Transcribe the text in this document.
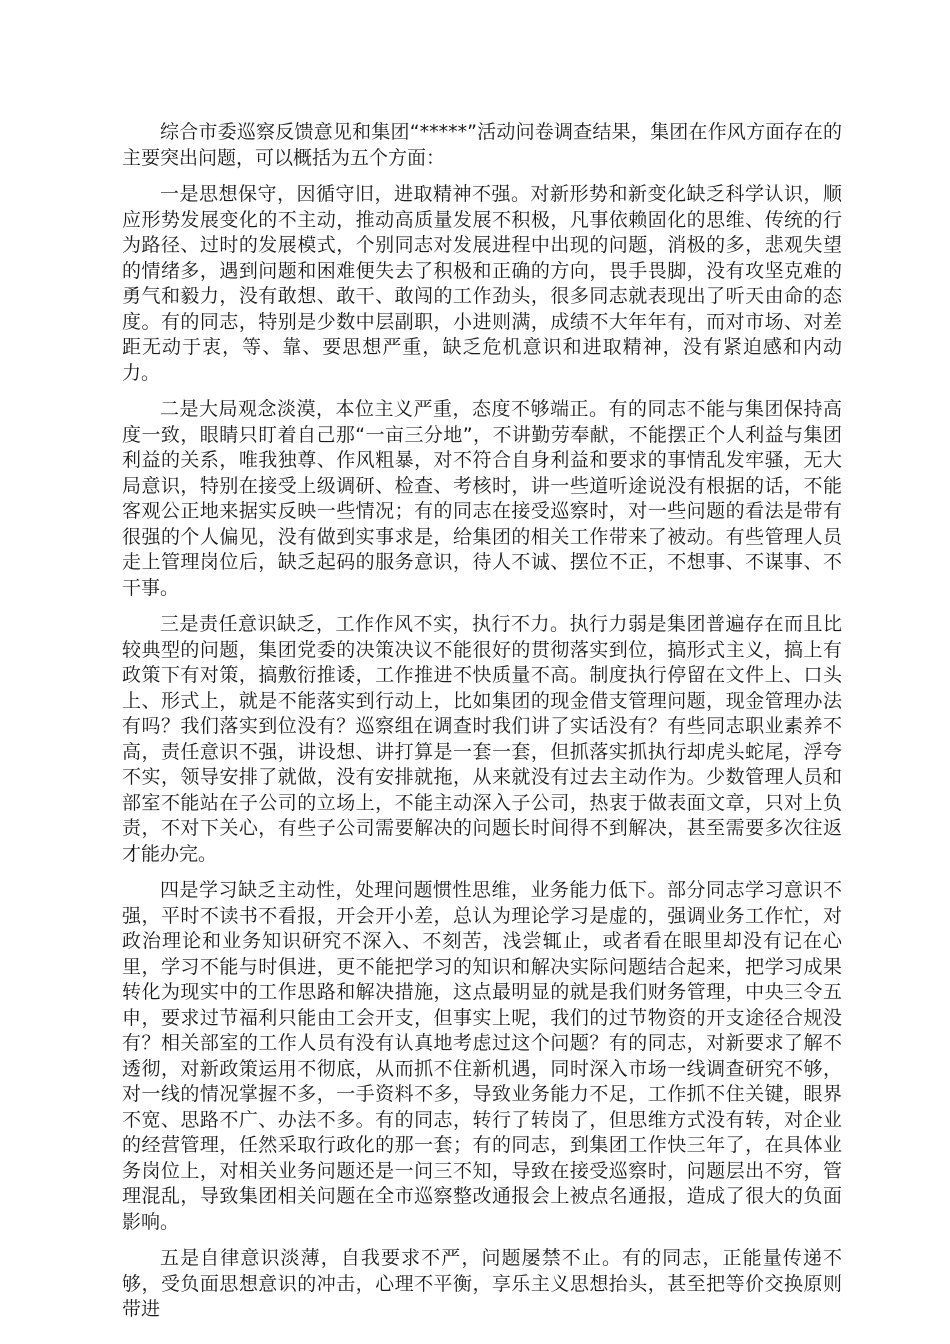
综合市委巡察反馈意见和集团“*****”活动问卷调查结果，集团在作风方面存在的主要突出问题，可以概括为五个方面：

一是思想保守，因循守旧，进取精神不强。对新形势和新变化缺乏科学认识，顺应形势发展变化的不主动，推动高质量发展不积极，凡事依赖固化的思维、传统的行为路径、过时的发展模式，个别同志对发展进程中出现的问题，消极的多，悲观失望的情绪多，遇到问题和困难便失去了积极和正确的方向，畏手畏脚，没有攻坚克难的勇气和毅力，没有敢想、敢干、敢闯的工作劲头，很多同志就表现出了听天由命的态度。有的同志，特别是少数中层副职，小进则满，成绩不大年年有，而对市场、对差距无动于衷，等、靠、要思想严重，缺乏危机意识和进取精神，没有紧迫感和内动力。

二是大局观念淡漠，本位主义严重，态度不够端正。有的同志不能与集团保持高度一致，眼睛只盯着自己那“一亩三分地”，不讲勤劳奉献，不能摆正个人利益与集团利益的关系，唯我独尊、作风粗暴，对不符合自身利益和要求的事情乱发牢骚，无大局意识，特别在接受上级调研、检查、考核时，讲一些道听途说没有根据的话，不能客观公正地来据实反映一些情况；有的同志在接受巡察时，对一些问题的看法是带有很强的个人偏见，没有做到实事求是，给集团的相关工作带来了被动。有些管理人员走上管理岗位后，缺乏起码的服务意识，待人不诚、摆位不正，不想事、不谋事、不干事。

三是责任意识缺乏，工作作风不实，执行不力。执行力弱是集团普遍存在而且比较典型的问题，集团党委的决策决议不能很好的贯彻落实到位，搞形式主义，搞上有政策下有对策，搞敷衍推诿，工作推进不快质量不高。制度执行停留在文件上、口头上、形式上，就是不能落实到行动上，比如集团的现金借支管理问题，现金管理办法有吗？我们落实到位没有？巡察组在调查时我们讲了实话没有？有些同志职业素养不高，责任意识不强，讲设想、讲打算是一套一套，但抓落实抓执行却虎头蛇尾，浮夸不实，领导安排了就做，没有安排就拖，从来就没有过去主动作为。少数管理人员和部室不能站在子公司的立场上，不能主动深入子公司，热衷于做表面文章，只对上负责，不对下关心，有些子公司需要解决的问题长时间得不到解决，甚至需要多次往返才能办完。

四是学习缺乏主动性，处理问题惯性思维，业务能力低下。部分同志学习意识不强，平时不读书不看报，开会开小差，总认为理论学习是虚的，强调业务工作忙，对政治理论和业务知识研究不深入、不刻苦，浅尝辄止，或者看在眼里却没有记在心里，学习不能与时俱进，更不能把学习的知识和解决实际问题结合起来，把学习成果转化为现实中的工作思路和解决措施，这点最明显的就是我们财务管理，中央三令五申，要求过节福利只能由工会开支，但事实上呢，我们的过节物资的开支途径合规没有？相关部室的工作人员有没有认真地考虑过这个问题？有的同志，对新要求了解不透彻，对新政策运用不彻底，从而抓不住新机遇，同时深入市场一线调查研究不够，对一线的情况掌握不多，一手资料不多，导致业务能力不足，工作抓不住关键，眼界不宽、思路不广、办法不多。有的同志，转行了转岗了，但思维方式没有转，对企业的经营管理，任然采取行政化的那一套；有的同志，到集团工作快三年了，在具体业务岗位上，对相关业务问题还是一问三不知，导致在接受巡察时，问题层出不穷，管理混乱，导致集团相关问题在全市巡察整改通报会上被点名通报，造成了很大的负面影响。

五是自律意识淡薄，自我要求不严，问题屡禁不止。有的同志，正能量传递不够，受负面思想意识的冲击，心理不平衡，享乐主义思想抬头，甚至把等价交换原则带进
